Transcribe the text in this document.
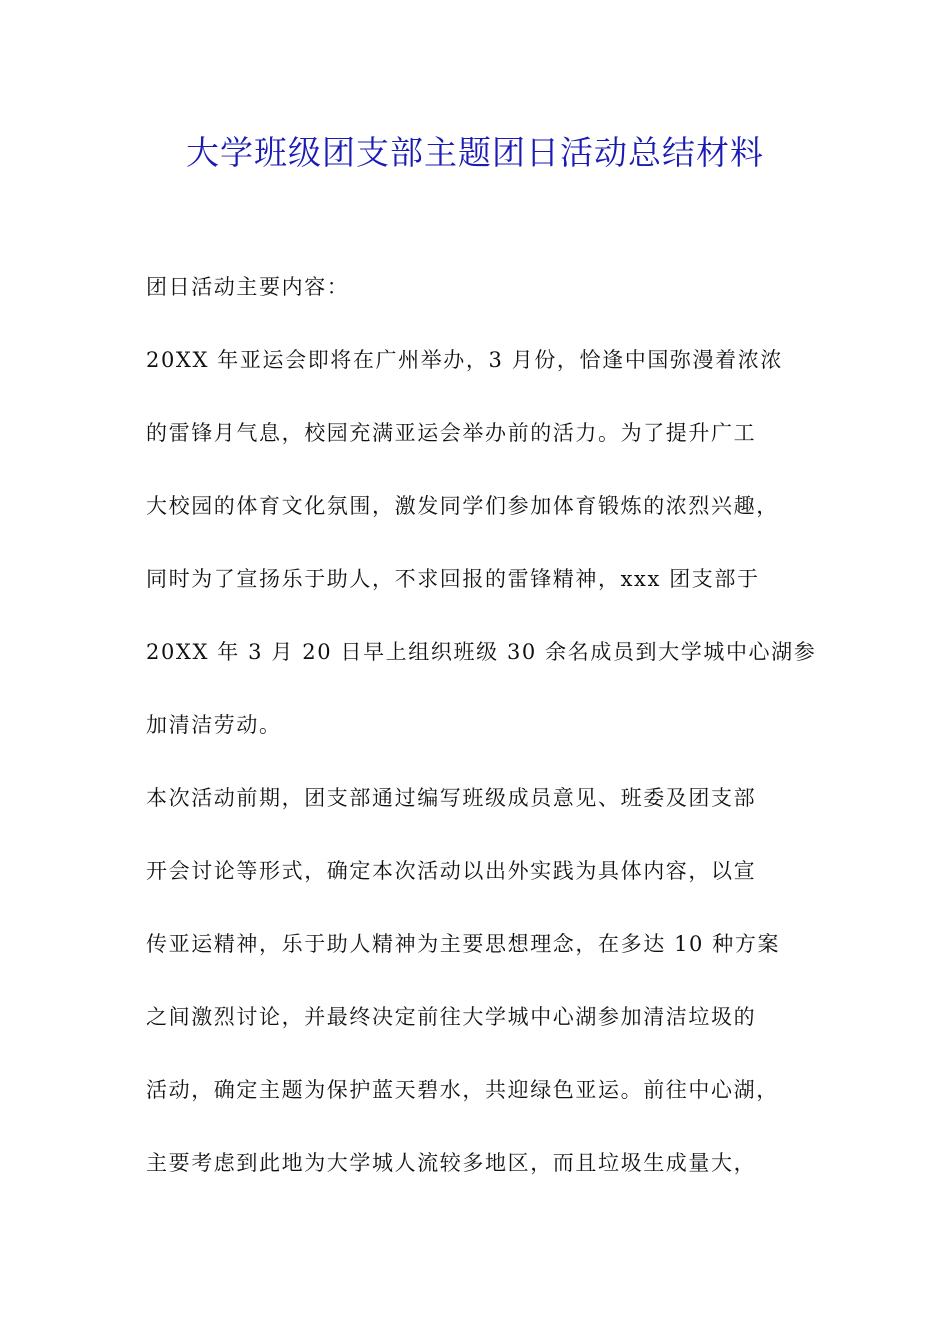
大学班级团支部主题团日活动总结材料
团日活动主要内容：
20XX 年亚运会即将在广州举办，3 月份，恰逢中国弥漫着浓浓
的雷锋月气息，校园充满亚运会举办前的活力。为了提升广工
大校园的体育文化氛围，激发同学们参加体育锻炼的浓烈兴趣，
同时为了宣扬乐于助人，不求回报的雷锋精神，xxx 团支部于
20XX 年 3 月 20 日早上组织班级 30 余名成员到大学城中心湖参
加清洁劳动。
本次活动前期，团支部通过编写班级成员意见、班委及团支部
开会讨论等形式，确定本次活动以出外实践为具体内容，以宣
传亚运精神，乐于助人精神为主要思想理念，在多达 10 种方案
之间激烈讨论，并最终决定前往大学城中心湖参加清洁垃圾的
活动，确定主题为保护蓝天碧水，共迎绿色亚运。前往中心湖，
主要考虑到此地为大学城人流较多地区，而且垃圾生成量大，
